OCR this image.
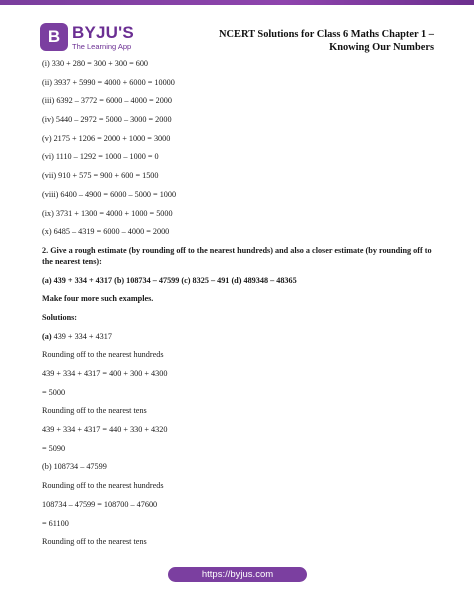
B BYJU'S
The Learning App
NCERT Solutions for Class 6 Maths Chapter 1 –
Knowing Our Numbers
(i) 330 + 280 = 300 + 300 = 600
(ii) 3937 + 5990 = 4000 + 6000 = 10000
(iii) 6392 – 3772 = 6000 – 4000 = 2000
(iv) 5440 – 2972 = 5000 – 3000 = 2000
(v) 2175 + 1206 = 2000 + 1000 = 3000
(vi) 1110 – 1292 = 1000 – 1000 = 0
(vii) 910 + 575 = 900 + 600 = 1500
(viii) 6400 – 4900 = 6000 – 5000 = 1000
(ix) 3731 + 1300 = 4000 + 1000 = 5000
(x) 6485 – 4319 = 6000 – 4000 = 2000
2. Give a rough estimate (by rounding off to the nearest hundreds) and also a closer estimate (by rounding off to the nearest tens):
(a) 439 + 334 + 4317 (b) 108734 – 47599 (c) 8325 – 491 (d) 489348 – 48365
Make four more such examples.
Solutions:
(a) 439 + 334 + 4317
Rounding off to the nearest hundreds
439 + 334 + 4317 = 400 + 300 + 4300
= 5000
Rounding off to the nearest tens
439 + 334 + 4317 = 440 + 330 + 4320
= 5090
(b) 108734 – 47599
Rounding off to the nearest hundreds
108734 – 47599 = 108700 – 47600
= 61100
Rounding off to the nearest tens
https://byjus.com
